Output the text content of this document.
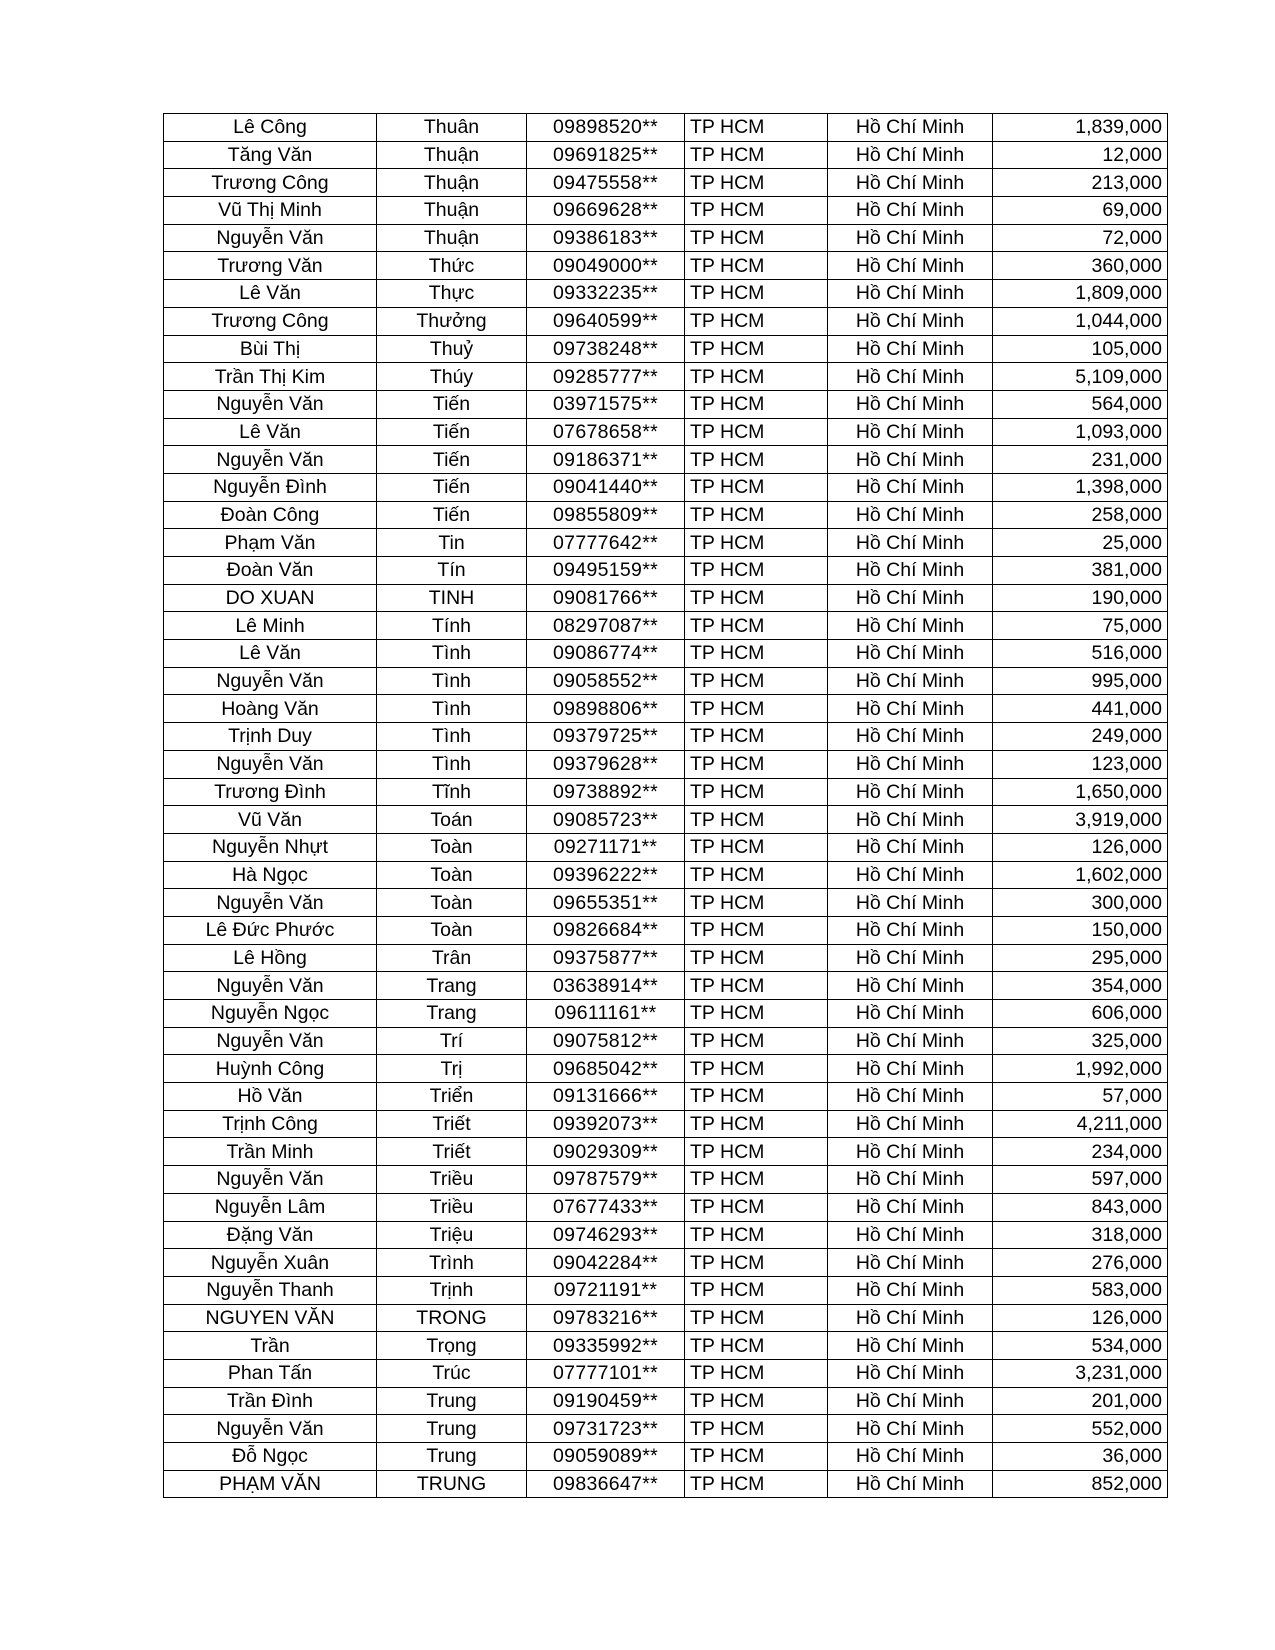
Lê Công	Thuân	09898520**	TP HCM	Hồ Chí Minh	1,839,000
Tăng Văn	Thuận	09691825**	TP HCM	Hồ Chí Minh	12,000
Trương Công	Thuận	09475558**	TP HCM	Hồ Chí Minh	213,000
Vũ Thị Minh	Thuận	09669628**	TP HCM	Hồ Chí Minh	69,000
Nguyễn Văn	Thuận	09386183**	TP HCM	Hồ Chí Minh	72,000
Trương Văn	Thức	09049000**	TP HCM	Hồ Chí Minh	360,000
Lê Văn	Thực	09332235**	TP HCM	Hồ Chí Minh	1,809,000
Trương Công	Thưởng	09640599**	TP HCM	Hồ Chí Minh	1,044,000
Bùi Thị	Thuỷ	09738248**	TP HCM	Hồ Chí Minh	105,000
Trần Thị Kim	Thúy	09285777**	TP HCM	Hồ Chí Minh	5,109,000
Nguyễn Văn	Tiến	03971575**	TP HCM	Hồ Chí Minh	564,000
Lê Văn	Tiến	07678658**	TP HCM	Hồ Chí Minh	1,093,000
Nguyễn Văn	Tiến	09186371**	TP HCM	Hồ Chí Minh	231,000
Nguyễn Đình	Tiến	09041440**	TP HCM	Hồ Chí Minh	1,398,000
Đoàn Công	Tiến	09855809**	TP HCM	Hồ Chí Minh	258,000
Phạm Văn	Tin	07777642**	TP HCM	Hồ Chí Minh	25,000
Đoàn Văn	Tín	09495159**	TP HCM	Hồ Chí Minh	381,000
DO XUAN	TINH	09081766**	TP HCM	Hồ Chí Minh	190,000
Lê Minh	Tính	08297087**	TP HCM	Hồ Chí Minh	75,000
Lê Văn	Tình	09086774**	TP HCM	Hồ Chí Minh	516,000
Nguyễn Văn	Tình	09058552**	TP HCM	Hồ Chí Minh	995,000
Hoàng Văn	Tình	09898806**	TP HCM	Hồ Chí Minh	441,000
Trịnh Duy	Tình	09379725**	TP HCM	Hồ Chí Minh	249,000
Nguyễn Văn	Tình	09379628**	TP HCM	Hồ Chí Minh	123,000
Trương Đình	Tĩnh	09738892**	TP HCM	Hồ Chí Minh	1,650,000
Vũ Văn	Toán	09085723**	TP HCM	Hồ Chí Minh	3,919,000
Nguyễn Nhựt	Toàn	09271171**	TP HCM	Hồ Chí Minh	126,000
Hà Ngọc	Toàn	09396222**	TP HCM	Hồ Chí Minh	1,602,000
Nguyễn Văn	Toàn	09655351**	TP HCM	Hồ Chí Minh	300,000
Lê Đức Phước	Toàn	09826684**	TP HCM	Hồ Chí Minh	150,000
Lê Hồng	Trân	09375877**	TP HCM	Hồ Chí Minh	295,000
Nguyễn Văn	Trang	03638914**	TP HCM	Hồ Chí Minh	354,000
Nguyễn Ngọc	Trang	09611161**	TP HCM	Hồ Chí Minh	606,000
Nguyễn Văn	Trí	09075812**	TP HCM	Hồ Chí Minh	325,000
Huỳnh Công	Trị	09685042**	TP HCM	Hồ Chí Minh	1,992,000
Hồ Văn	Triển	09131666**	TP HCM	Hồ Chí Minh	57,000
Trịnh Công	Triết	09392073**	TP HCM	Hồ Chí Minh	4,211,000
Trần Minh	Triết	09029309**	TP HCM	Hồ Chí Minh	234,000
Nguyễn Văn	Triều	09787579**	TP HCM	Hồ Chí Minh	597,000
Nguyễn Lâm	Triều	07677433**	TP HCM	Hồ Chí Minh	843,000
Đặng Văn	Triệu	09746293**	TP HCM	Hồ Chí Minh	318,000
Nguyễn Xuân	Trình	09042284**	TP HCM	Hồ Chí Minh	276,000
Nguyễn Thanh	Trịnh	09721191**	TP HCM	Hồ Chí Minh	583,000
NGUYEN VĂN	TRONG	09783216**	TP HCM	Hồ Chí Minh	126,000
Trần	Trọng	09335992**	TP HCM	Hồ Chí Minh	534,000
Phan Tấn	Trúc	07777101**	TP HCM	Hồ Chí Minh	3,231,000
Trần Đình	Trung	09190459**	TP HCM	Hồ Chí Minh	201,000
Nguyễn Văn	Trung	09731723**	TP HCM	Hồ Chí Minh	552,000
Đỗ Ngọc	Trung	09059089**	TP HCM	Hồ Chí Minh	36,000
PHẠM VĂN	TRUNG	09836647**	TP HCM	Hồ Chí Minh	852,000
